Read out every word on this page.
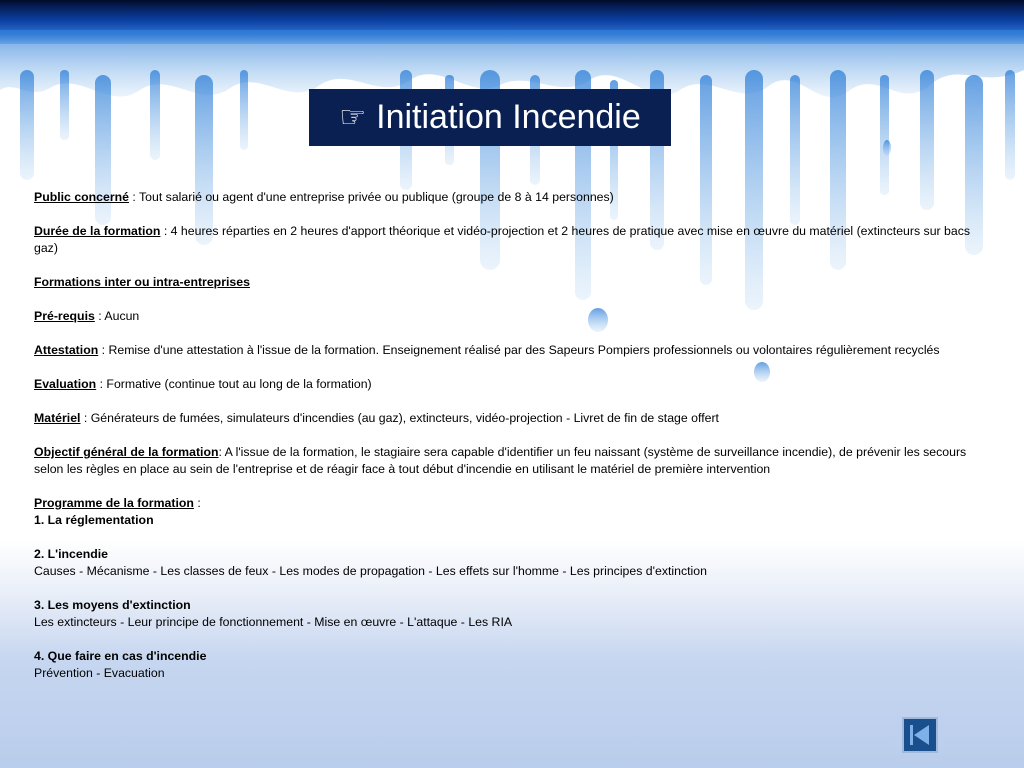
☞ Initiation Incendie

Public concerné : Tout salarié ou agent d'une entreprise privée ou publique (groupe de 8 à 14 personnes)

Durée de la formation : 4 heures réparties en 2 heures d'apport théorique et vidéo-projection et 2 heures de pratique avec mise en œuvre du matériel (extincteurs sur bacs gaz)

Formations inter ou intra-entreprises

Pré-requis : Aucun

Attestation : Remise d'une attestation à l'issue de la formation. Enseignement réalisé par des Sapeurs Pompiers professionnels ou volontaires régulièrement recyclés

Evaluation : Formative (continue tout au long de la formation)

Matériel : Générateurs de fumées, simulateurs d'incendies (au gaz), extincteurs, vidéo-projection - Livret de fin de stage offert

Objectif général de la formation: A l'issue de la formation, le stagiaire sera capable d'identifier un feu naissant (système de surveillance incendie), de prévenir les secours selon les règles en place au sein de l'entreprise et de réagir face à tout début d'incendie en utilisant le matériel de première intervention

Programme de la formation :

1. La réglementation

2. L'incendie
Causes - Mécanisme - Les classes de feux - Les modes de propagation - Les effets sur l'homme - Les principes d'extinction

3. Les moyens d'extinction
Les extincteurs - Leur principe de fonctionnement - Mise en œuvre - L'attaque - Les RIA

4. Que faire en cas d'incendie
Prévention - Evacuation
